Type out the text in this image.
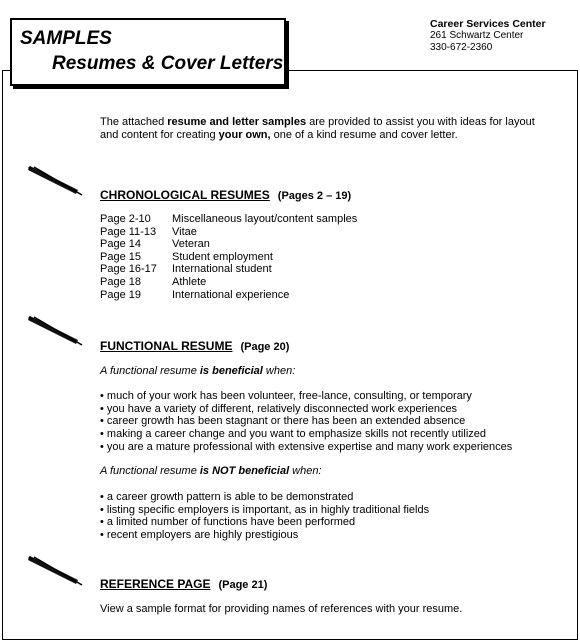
SAMPLES
Resumes & Cover Letters
Career Services Center
261 Schwartz Center
330-672-2360
The attached resume and letter samples are provided to assist you with ideas for layout and content for creating your own, one of a kind resume and cover letter.
CHRONOLOGICAL RESUMES (Pages 2 – 19)
Page 2-10	Miscellaneous layout/content samples
Page 11-13	Vitae
Page 14	Veteran
Page 15	Student employment
Page 16-17	International student
Page 18	Athlete
Page 19	International experience
FUNCTIONAL RESUME (Page 20)
A functional resume is beneficial when:
• much of your work has been volunteer, free-lance, consulting, or temporary
• you have a variety of different, relatively disconnected work experiences
• career growth has been stagnant or there has been an extended absence
• making a career change and you want to emphasize skills not recently utilized
• you are a mature professional with extensive expertise and many work experiences
A functional resume is NOT beneficial when:
• a career growth pattern is able to be demonstrated
• listing specific employers is important, as in highly traditional fields
• a limited number of functions have been performed
• recent employers are highly prestigious
REFERENCE PAGE (Page 21)
View a sample format for providing names of references with your resume.
